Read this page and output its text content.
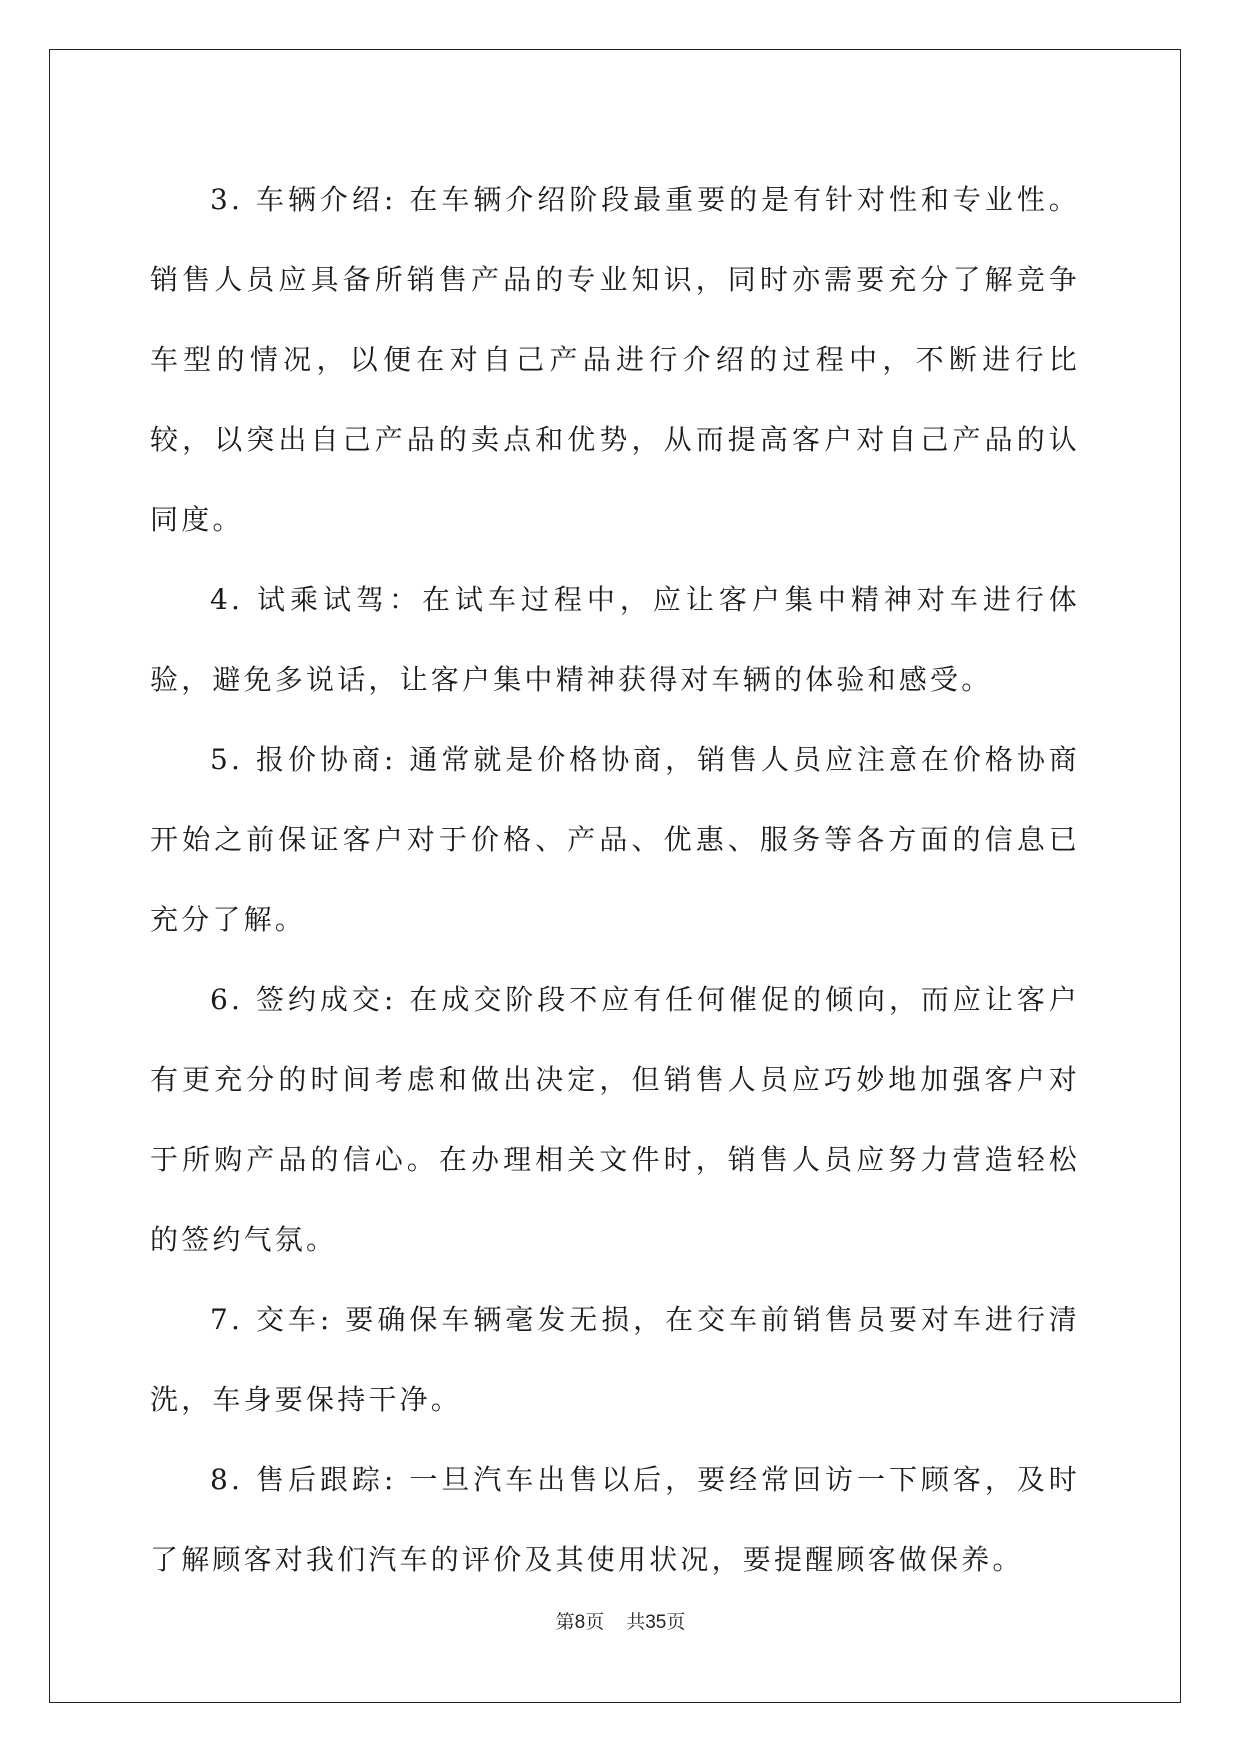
3. 车辆介绍: 在车辆介绍阶段最重要的是有针对性和专业性。销售人员应具备所销售产品的专业知识，同时亦需要充分了解竞争车型的情况，以便在对自己产品进行介绍的过程中，不断进行比较，以突出自己产品的卖点和优势，从而提高客户对自己产品的认同度。

4. 试乘试驾：在试车过程中，应让客户集中精神对车进行体验，避免多说话，让客户集中精神获得对车辆的体验和感受。

5. 报价协商: 通常就是价格协商，销售人员应注意在价格协商开始之前保证客户对于价格、产品、优惠、服务等各方面的信息已充分了解。

6. 签约成交: 在成交阶段不应有任何催促的倾向，而应让客户有更充分的时间考虑和做出决定，但销售人员应巧妙地加强客户对于所购产品的信心。在办理相关文件时，销售人员应努力营造轻松的签约气氛。

7. 交车: 要确保车辆毫发无损，在交车前销售员要对车进行清洗，车身要保持干净。

8. 售后跟踪: 一旦汽车出售以后，要经常回访一下顾客，及时了解顾客对我们汽车的评价及其使用状况，要提醒顾客做保养。

第8页 共35页
